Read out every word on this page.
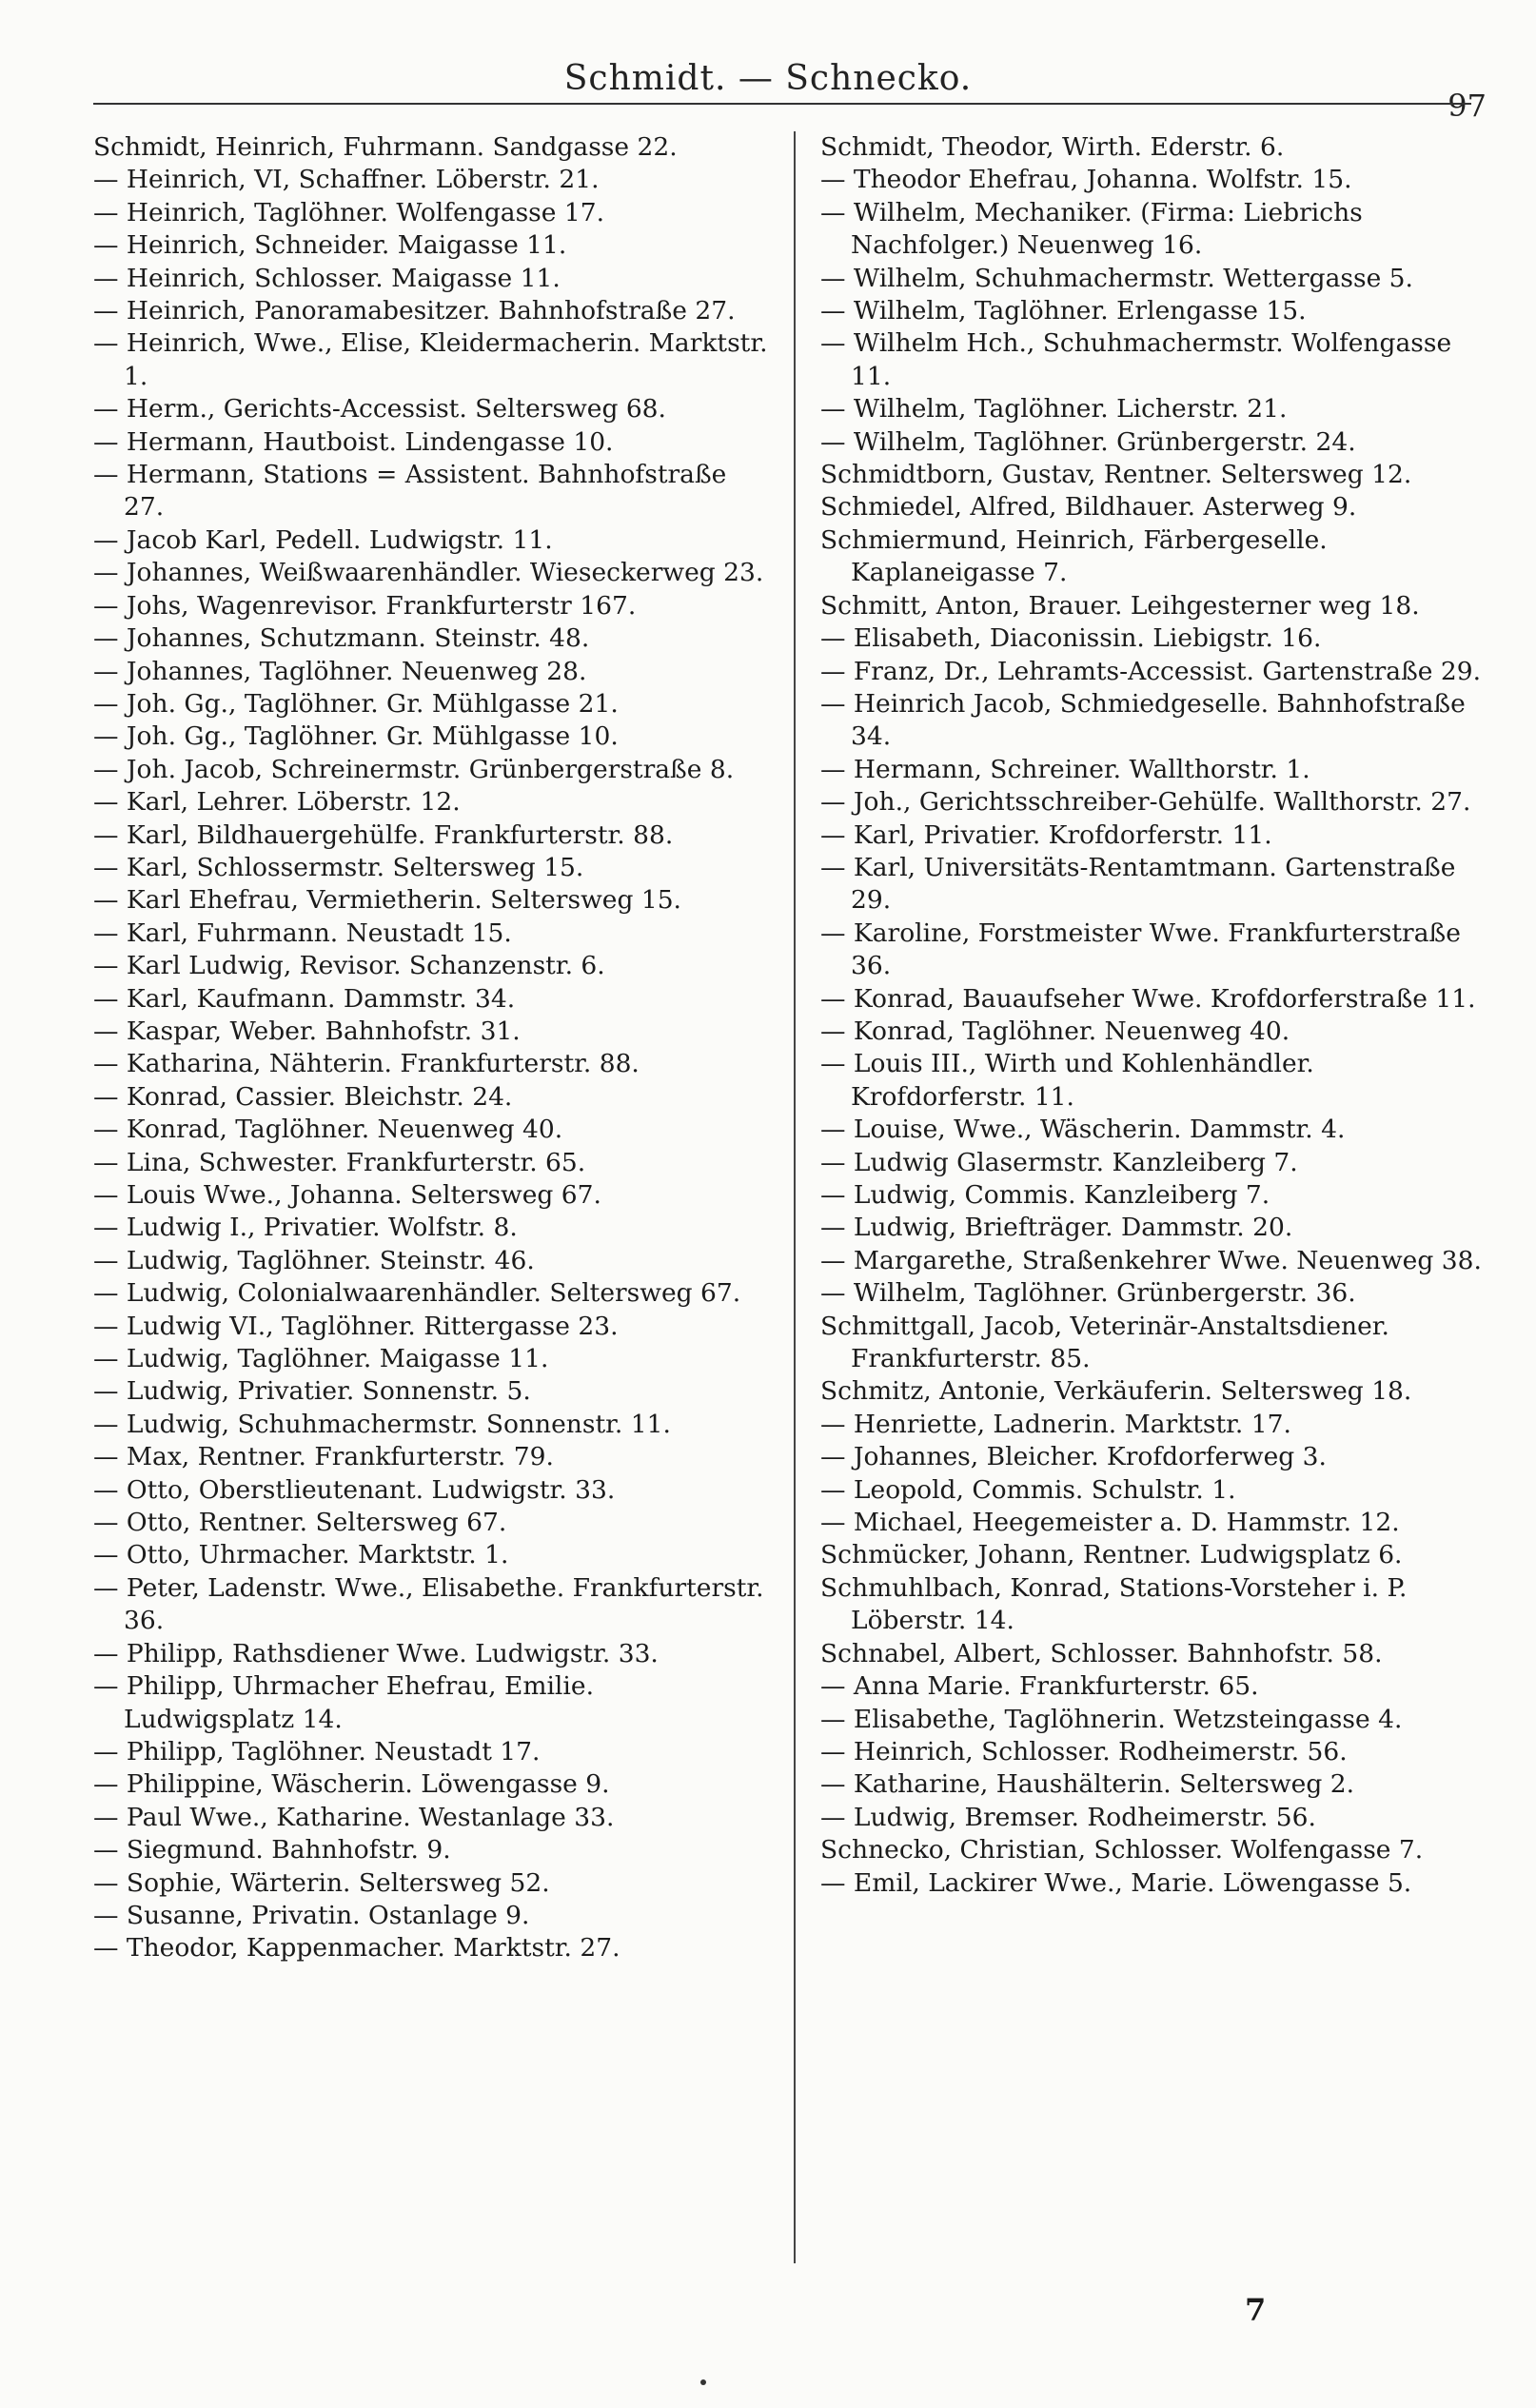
Schmidt. — Schnecko.
97

Schmidt, Heinrich, Fuhrmann. Sandgasse 22.

— Heinrich, VI, Schaffner. Löberstr. 21.

— Heinrich, Taglöhner. Wolfengasse 17.

— Heinrich, Schneider. Maigasse 11.

— Heinrich, Schlosser. Maigasse 11.

— Heinrich, Panoramabesitzer. Bahnhofstraße 27.

— Heinrich, Wwe., Elise, Kleidermacherin. Marktstr. 1.

— Herm., Gerichts-Accessist. Seltersweg 68.

— Hermann, Hautboist. Lindengasse 10.

— Hermann, Stations = Assistent. Bahnhofstraße 27.

— Jacob Karl, Pedell. Ludwigstr. 11.

— Johannes, Weißwaarenhändler. Wieseckerweg 23.

— Johs, Wagenrevisor. Frankfurterstr 167.

— Johannes, Schutzmann. Steinstr. 48.

— Johannes, Taglöhner. Neuenweg 28.

— Joh. Gg., Taglöhner. Gr. Mühlgasse 21.

— Joh. Gg., Taglöhner. Gr. Mühlgasse 10.

— Joh. Jacob, Schreinermstr. Grünbergerstraße 8.

— Karl, Lehrer. Löberstr. 12.

— Karl, Bildhauergehülfe. Frankfurterstr. 88.

— Karl, Schlossermstr. Seltersweg 15.

— Karl Ehefrau, Vermietherin. Seltersweg 15.

— Karl, Fuhrmann. Neustadt 15.

— Karl Ludwig, Revisor. Schanzenstr. 6.

— Karl, Kaufmann. Dammstr. 34.

— Kaspar, Weber. Bahnhofstr. 31.

— Katharina, Nähterin. Frankfurterstr. 88.

— Konrad, Cassier. Bleichstr. 24.

— Konrad, Taglöhner. Neuenweg 40.

— Lina, Schwester. Frankfurterstr. 65.

— Louis Wwe., Johanna. Seltersweg 67.

— Ludwig I., Privatier. Wolfstr. 8.

— Ludwig, Taglöhner. Steinstr. 46.

— Ludwig, Colonialwaarenhändler. Seltersweg 67.

— Ludwig VI., Taglöhner. Rittergasse 23.

— Ludwig, Taglöhner. Maigasse 11.

— Ludwig, Privatier. Sonnenstr. 5.

— Ludwig, Schuhmachermstr. Sonnenstr. 11.

— Max, Rentner. Frankfurterstr. 79.

— Otto, Oberstlieutenant. Ludwigstr. 33.

— Otto, Rentner. Seltersweg 67.

— Otto, Uhrmacher. Marktstr. 1.

— Peter, Ladenstr. Wwe., Elisabethe. Frankfurterstr. 36.

— Philipp, Rathsdiener Wwe. Ludwigstr. 33.

— Philipp, Uhrmacher Ehefrau, Emilie. Ludwigsplatz 14.

— Philipp, Taglöhner. Neustadt 17.

— Philippine, Wäscherin. Löwengasse 9.

— Paul Wwe., Katharine. Westanlage 33.

— Siegmund. Bahnhofstr. 9.

— Sophie, Wärterin. Seltersweg 52.

— Susanne, Privatin. Ostanlage 9.

— Theodor, Kappenmacher. Marktstr. 27.

Schmidt, Theodor, Wirth. Ederstr. 6.

— Theodor Ehefrau, Johanna. Wolfstr. 15.

— Wilhelm, Mechaniker. (Firma: Liebrichs Nachfolger.) Neuenweg 16.

— Wilhelm, Schuhmachermstr. Wettergasse 5.

— Wilhelm, Taglöhner. Erlengasse 15.

— Wilhelm Hch., Schuhmachermstr. Wolfengasse 11.

— Wilhelm, Taglöhner. Licherstr. 21.

— Wilhelm, Taglöhner. Grünbergerstr. 24.

Schmidtborn, Gustav, Rentner. Seltersweg 12.

Schmiedel, Alfred, Bildhauer. Asterweg 9.

Schmiermund, Heinrich, Färbergeselle. Kaplaneigasse 7.

Schmitt, Anton, Brauer. Leihgesterner weg 18.

— Elisabeth, Diaconissin. Liebigstr. 16.

— Franz, Dr., Lehramts-Accessist. Gartenstraße 29.

— Heinrich Jacob, Schmiedgeselle. Bahnhofstraße 34.

— Hermann, Schreiner. Wallthorstr. 1.

— Joh., Gerichtsschreiber-Gehülfe. Wallthorstr. 27.

— Karl, Privatier. Krofdorferstr. 11.

— Karl, Universitäts-Rentamtmann. Gartenstraße 29.

— Karoline, Forstmeister Wwe. Frankfurterstraße 36.

— Konrad, Bauaufseher Wwe. Krofdorferstraße 11.

— Konrad, Taglöhner. Neuenweg 40.

— Louis III., Wirth und Kohlenhändler. Krofdorferstr. 11.

— Louise, Wwe., Wäscherin. Dammstr. 4.

— Ludwig Glasermstr. Kanzleiberg 7.

— Ludwig, Commis. Kanzleiberg 7.

— Ludwig, Briefträger. Dammstr. 20.

— Margarethe, Straßenkehrer Wwe. Neuenweg 38.

— Wilhelm, Taglöhner. Grünbergerstr. 36.

Schmittgall, Jacob, Veterinär-Anstaltsdiener. Frankfurterstr. 85.

Schmitz, Antonie, Verkäuferin. Seltersweg 18.

— Henriette, Ladnerin. Marktstr. 17.

— Johannes, Bleicher. Krofdorferweg 3.

— Leopold, Commis. Schulstr. 1.

— Michael, Heegemeister a. D. Hammstr. 12.

Schmücker, Johann, Rentner. Ludwigsplatz 6.

Schmuhlbach, Konrad, Stations-Vorsteher i. P. Löberstr. 14.

Schnabel, Albert, Schlosser. Bahnhofstr. 58.

— Anna Marie. Frankfurterstr. 65.

— Elisabethe, Taglöhnerin. Wetzsteingasse 4.

— Heinrich, Schlosser. Rodheimerstr. 56.

— Katharine, Haushälterin. Seltersweg 2.

— Ludwig, Bremser. Rodheimerstr. 56.

Schnecko, Christian, Schlosser. Wolfengasse 7.

— Emil, Lackirer Wwe., Marie. Löwengasse 5.

7
